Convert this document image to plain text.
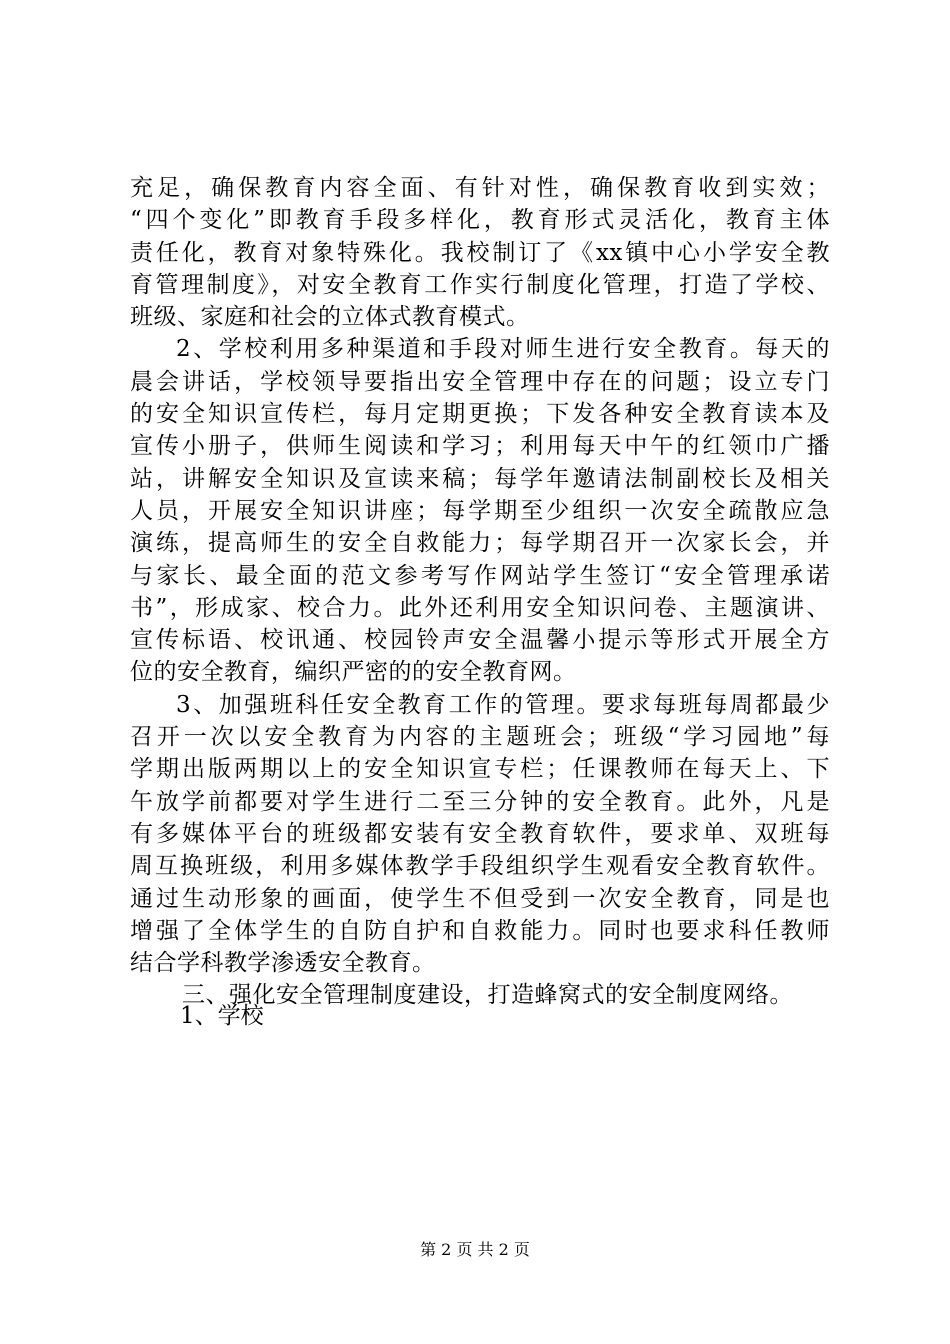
充足，确保教育内容全面、有针对性，确保教育收到实效；
“四个变化”即教育手段多样化，教育形式灵活化，教育主体
责任化，教育对象特殊化。我校制订了《xx镇中心小学安全教
育管理制度》，对安全教育工作实行制度化管理，打造了学校、
班级、家庭和社会的立体式教育模式。
2、学校利用多种渠道和手段对师生进行安全教育。每天的
晨会讲话，学校领导要指出安全管理中存在的问题；设立专门
的安全知识宣传栏，每月定期更换；下发各种安全教育读本及
宣传小册子，供师生阅读和学习；利用每天中午的红领巾广播
站，讲解安全知识及宣读来稿；每学年邀请法制副校长及相关
人员，开展安全知识讲座；每学期至少组织一次安全疏散应急
演练，提高师生的安全自救能力；每学期召开一次家长会，并
与家长、最全面的范文参考写作网站学生签订“安全管理承诺
书”，形成家、校合力。此外还利用安全知识问卷、主题演讲、
宣传标语、校讯通、校园铃声安全温馨小提示等形式开展全方
位的安全教育，编织严密的的安全教育网。
3、加强班科任安全教育工作的管理。要求每班每周都最少
召开一次以安全教育为内容的主题班会；班级“学习园地”每
学期出版两期以上的安全知识宣专栏；任课教师在每天上、下
午放学前都要对学生进行二至三分钟的安全教育。此外，凡是
有多媒体平台的班级都安装有安全教育软件，要求单、双班每
周互换班级，利用多媒体教学手段组织学生观看安全教育软件。
通过生动形象的画面，使学生不但受到一次安全教育，同是也
增强了全体学生的自防自护和自救能力。同时也要求科任教师
结合学科教学渗透安全教育。
三、强化安全管理制度建设，打造蜂窝式的安全制度网络。
1、学校
第 2 页 共 2 页
